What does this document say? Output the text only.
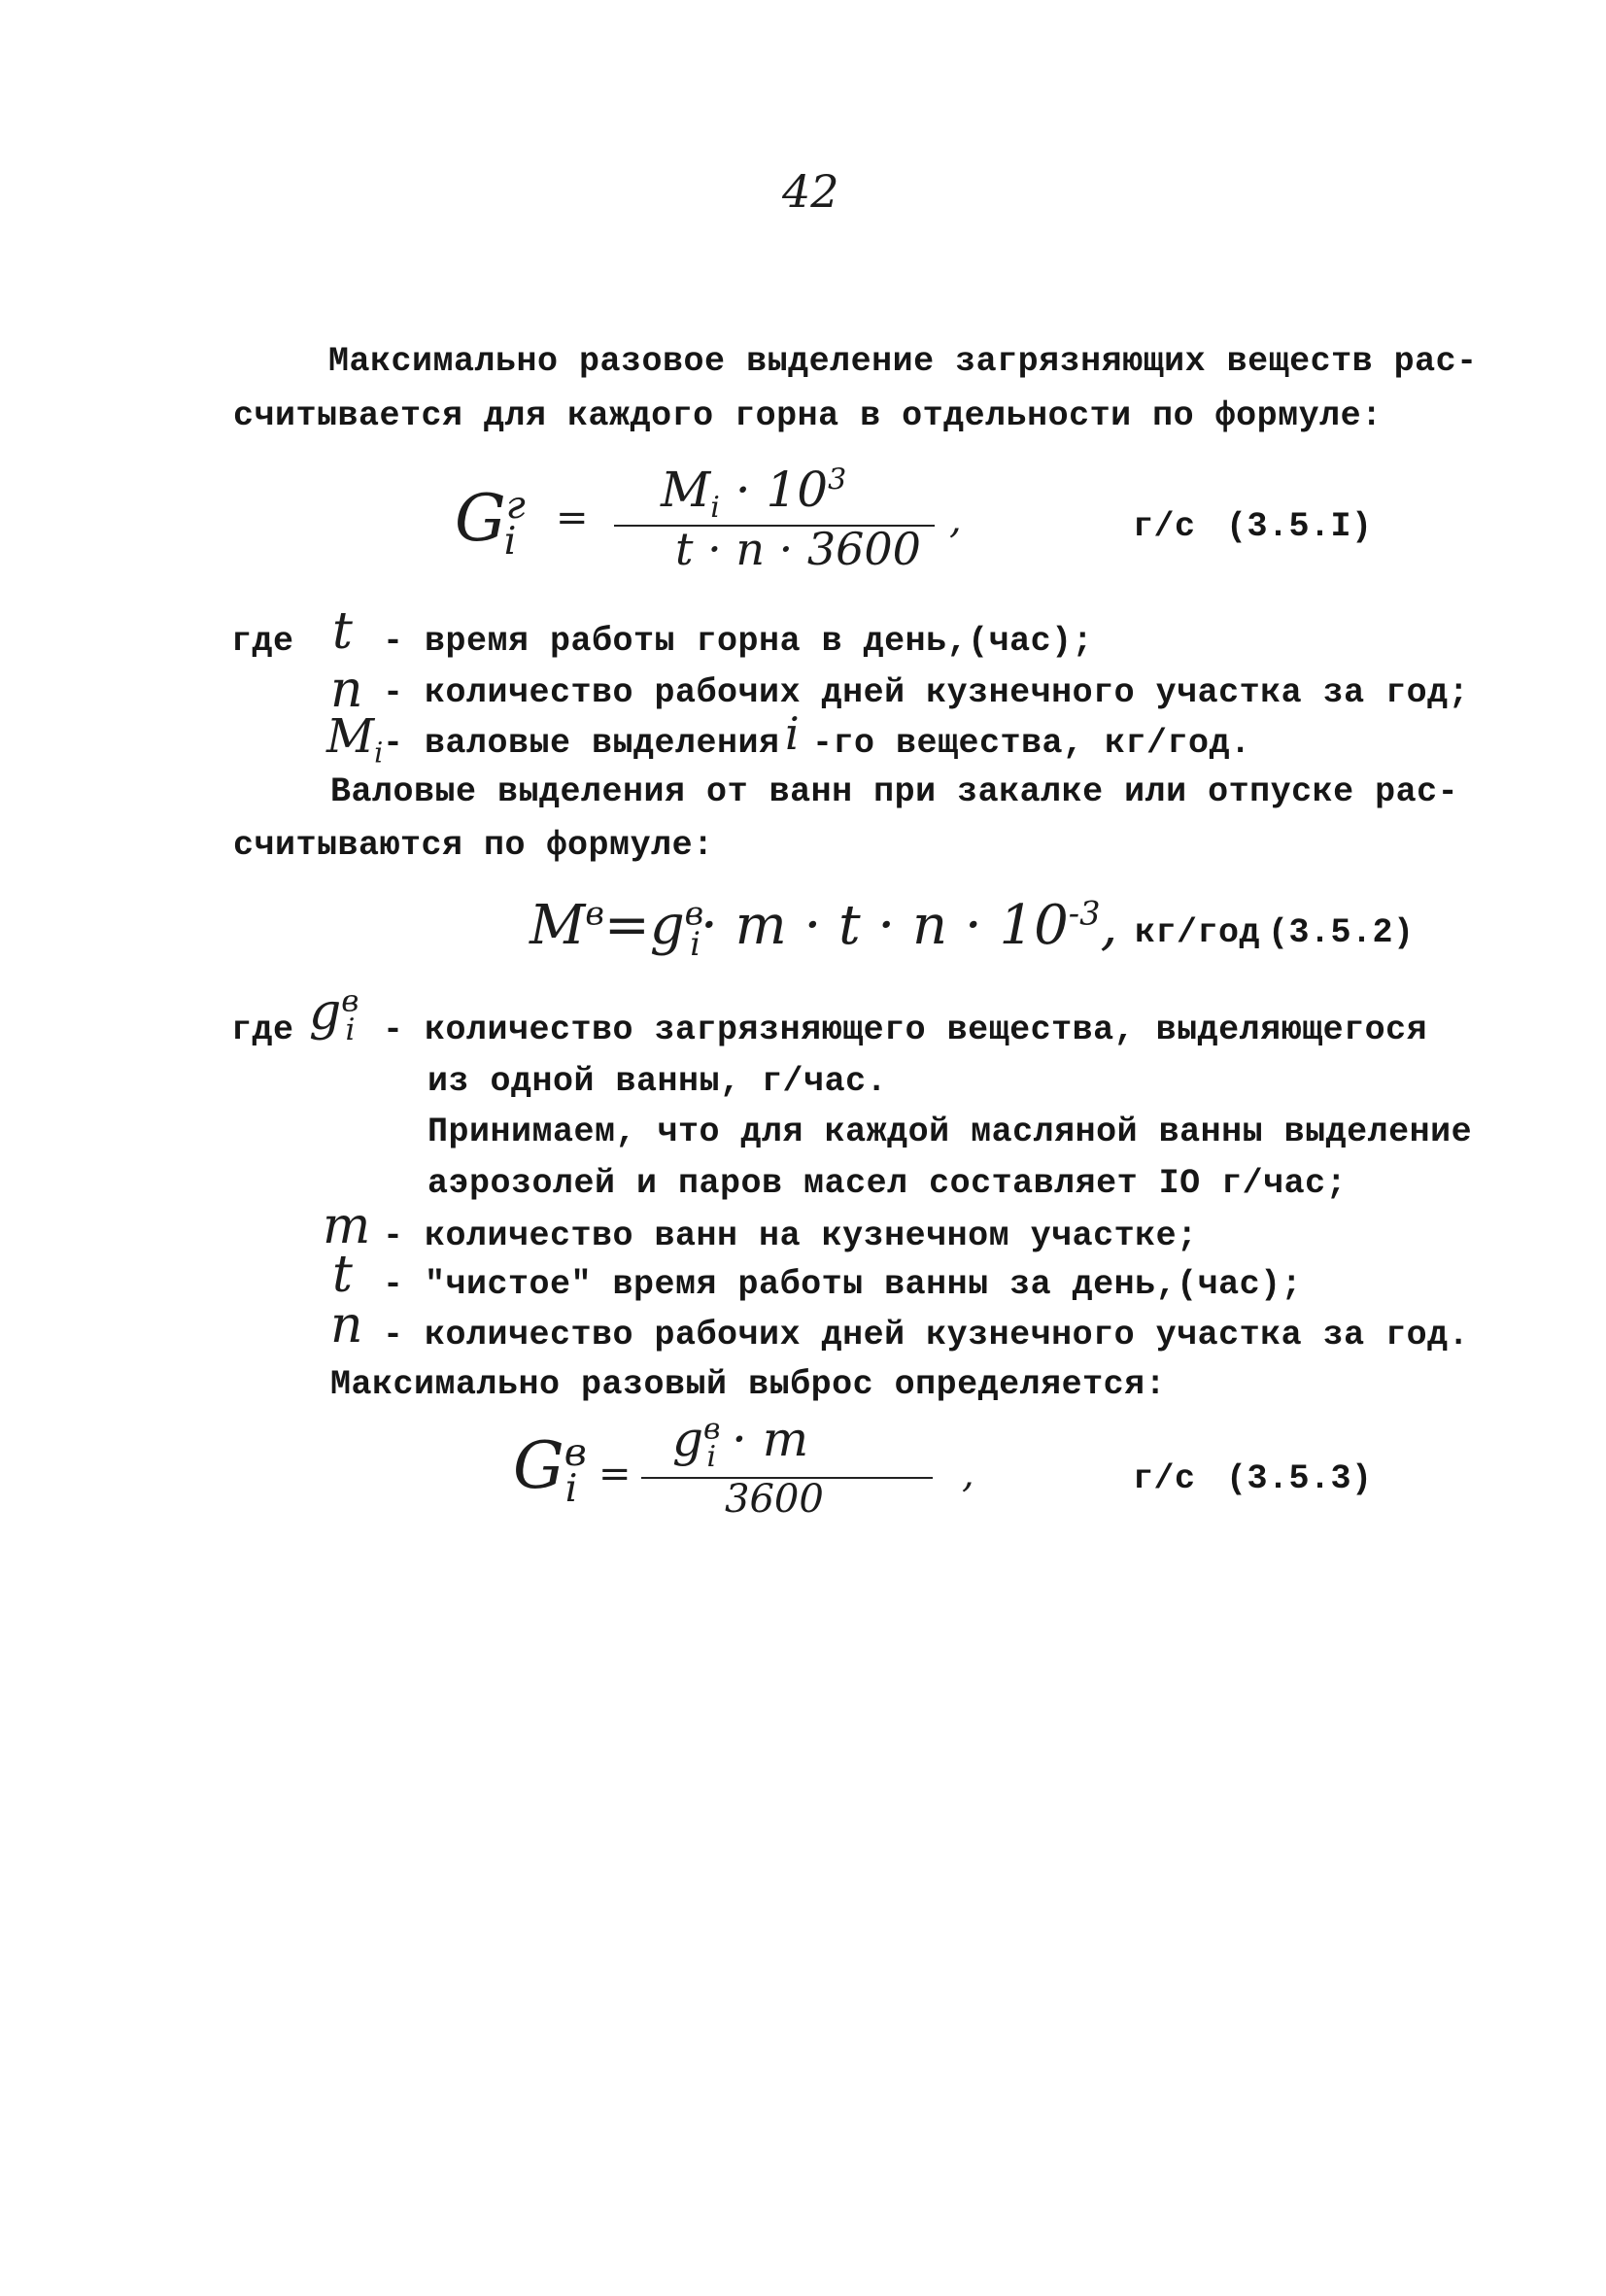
42
Максимально разовое выделение загрязняющих веществ рас-
считывается для каждого горна в отдельности по формуле:
$G^г_i$
= $M_i \cdot 10^3$
t · n · 3600
,	г/с (3.5.I)
где t - время работы горна в день,(час);
n - количество рабочих дней кузнечного участка за год;
$M_i$ - валовые выделения i -го вещества, кг/год.
Валовые выделения от ванн при закалке или отпуске рас-
считываются по формуле:
$M^в=g^в_i\cdot m \cdot t \cdot n \cdot 10^{-3}$, кг/год (3.5.2)
где $g^в_i$ - количество загрязняющего вещества, выделяющегося
из одной ванны, г/час.
Принимаем, что для каждой масляной ванны выделение
аэрозолей и паров масел составляет IO г/час;
m - количество ванн на кузнечном участке;
t - "чистое" время работы ванны за день,(час);
n - количество рабочих дней кузнечного участка за год.
Максимально разовый выброс определяется:
$G^в_i$ =
$g^в_i \cdot m$
3600
,	г/с (3.5.3)
